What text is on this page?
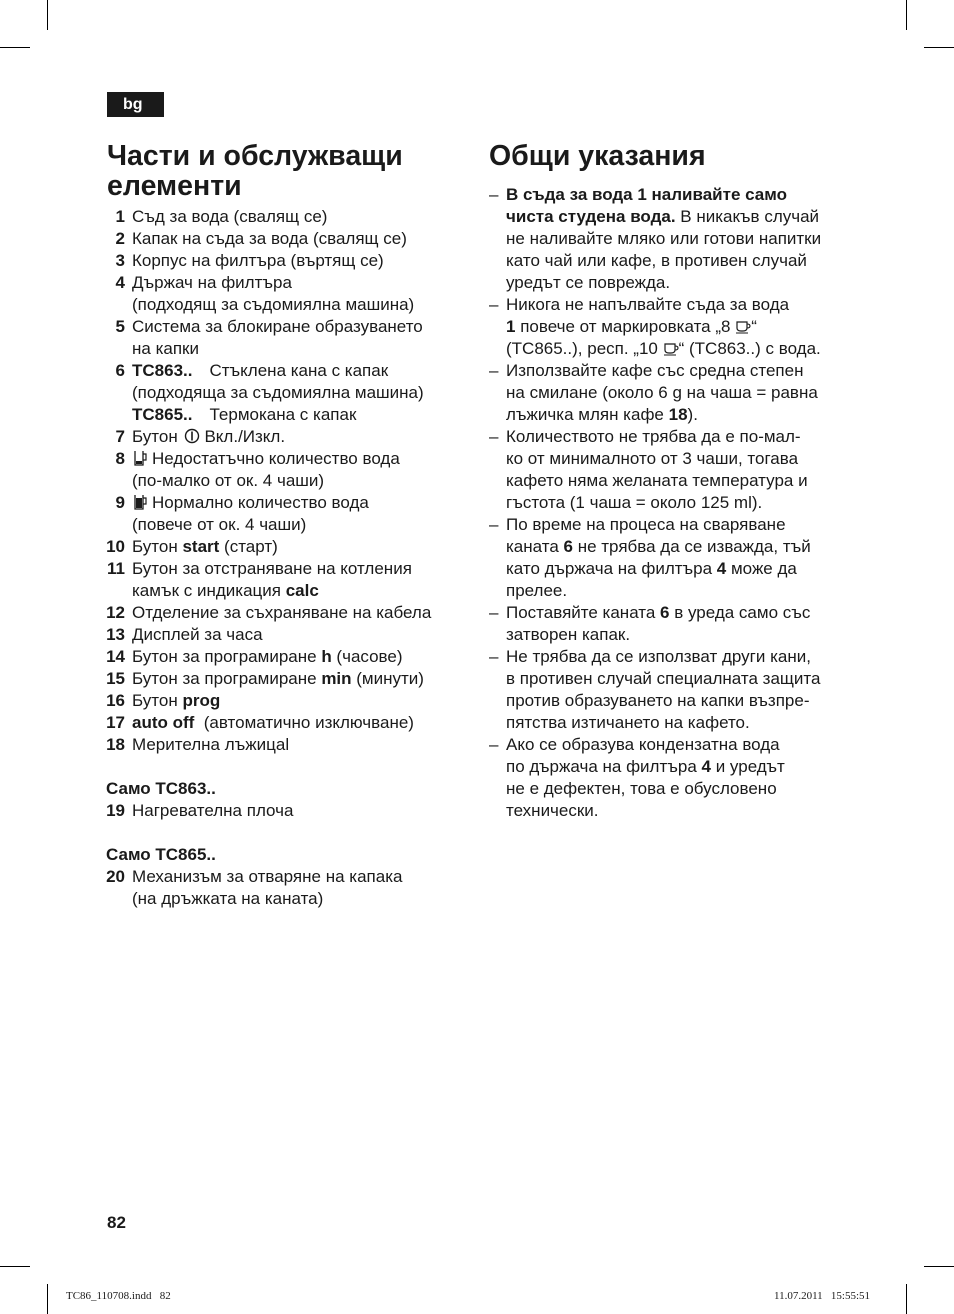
bg
Части и обслужващи елементи
Общи указания
1 Съд за вода (свалящ се)
2 Капак на съда за вода (свалящ се)
3 Корпус на филтъра (въртящ се)
4 Държач на филтъра
(подходящ за съдомиялна машина)
5 Система за блокиране образуването
на капки
6 TC863.. Стъклена кана с капак
(подходяща за съдомиялна машина)
TC865.. Термокана с капак
7 Бутон Вкл./Изкл.
8	Недостатъчно количество вода
(по-малко от ок. 4 чаши)
9	Нормално количество вода
(повече от ок. 4 чаши)
10 Бутон start (старт)
11 Бутон за отстраняване на котления
камък с индикация calc
12 Отделение за съхраняване на кабела
13 Дисплей за часа
14 Бутон за програмиране h (часове)
15 Бутон за програмиране min (минути)
16 Бутон prog
17 auto off  (автоматично изключване)
18 Мерителна лъжицаl
Само TC863..
19 Нагревателна плоча
Само TC865..
20 Механизъм за отваряне на капака
(на дръжката на каната)
– В съда за вода 1 наливайте само
чиста студена вода. В никакъв случай
не наливайте мляко или готови напитки
като чай или кафе, в противен случай
уредът се поврежда.
– Никога не напълвайте съда за вода
1 повече от маркировката „8 “
(TC865..), респ. „10 “ (TC863..) с вода.
– Използвайте кафе със средна степен
на смилане (около 6 g на чаша = равна
лъжичка млян кафе 18).
– Количеството не трябва да е по-мал-
ко от минималното от 3 чаши, тогава
кафето няма желаната температура и
гъстота (1 чаша = около 125 ml).
– По време на процеса на сваряване
каната 6 не трябва да се изважда, тъй
като държача на филтъра 4 може да
прелее.
– Поставяйте каната 6 в уреда само със
затворен капак.
– Не трябва да се използват други кани,
в противен случай специалната защита
против образуването на капки възпре-
пятства изтичането на кафето.
– Ако се образува кондензатна вода
по държача на филтъра 4 и уредът
не е дефектен, това е обусловено
технически.
82
TC86_110708.indd   82	11.07.2011   15:55:51
